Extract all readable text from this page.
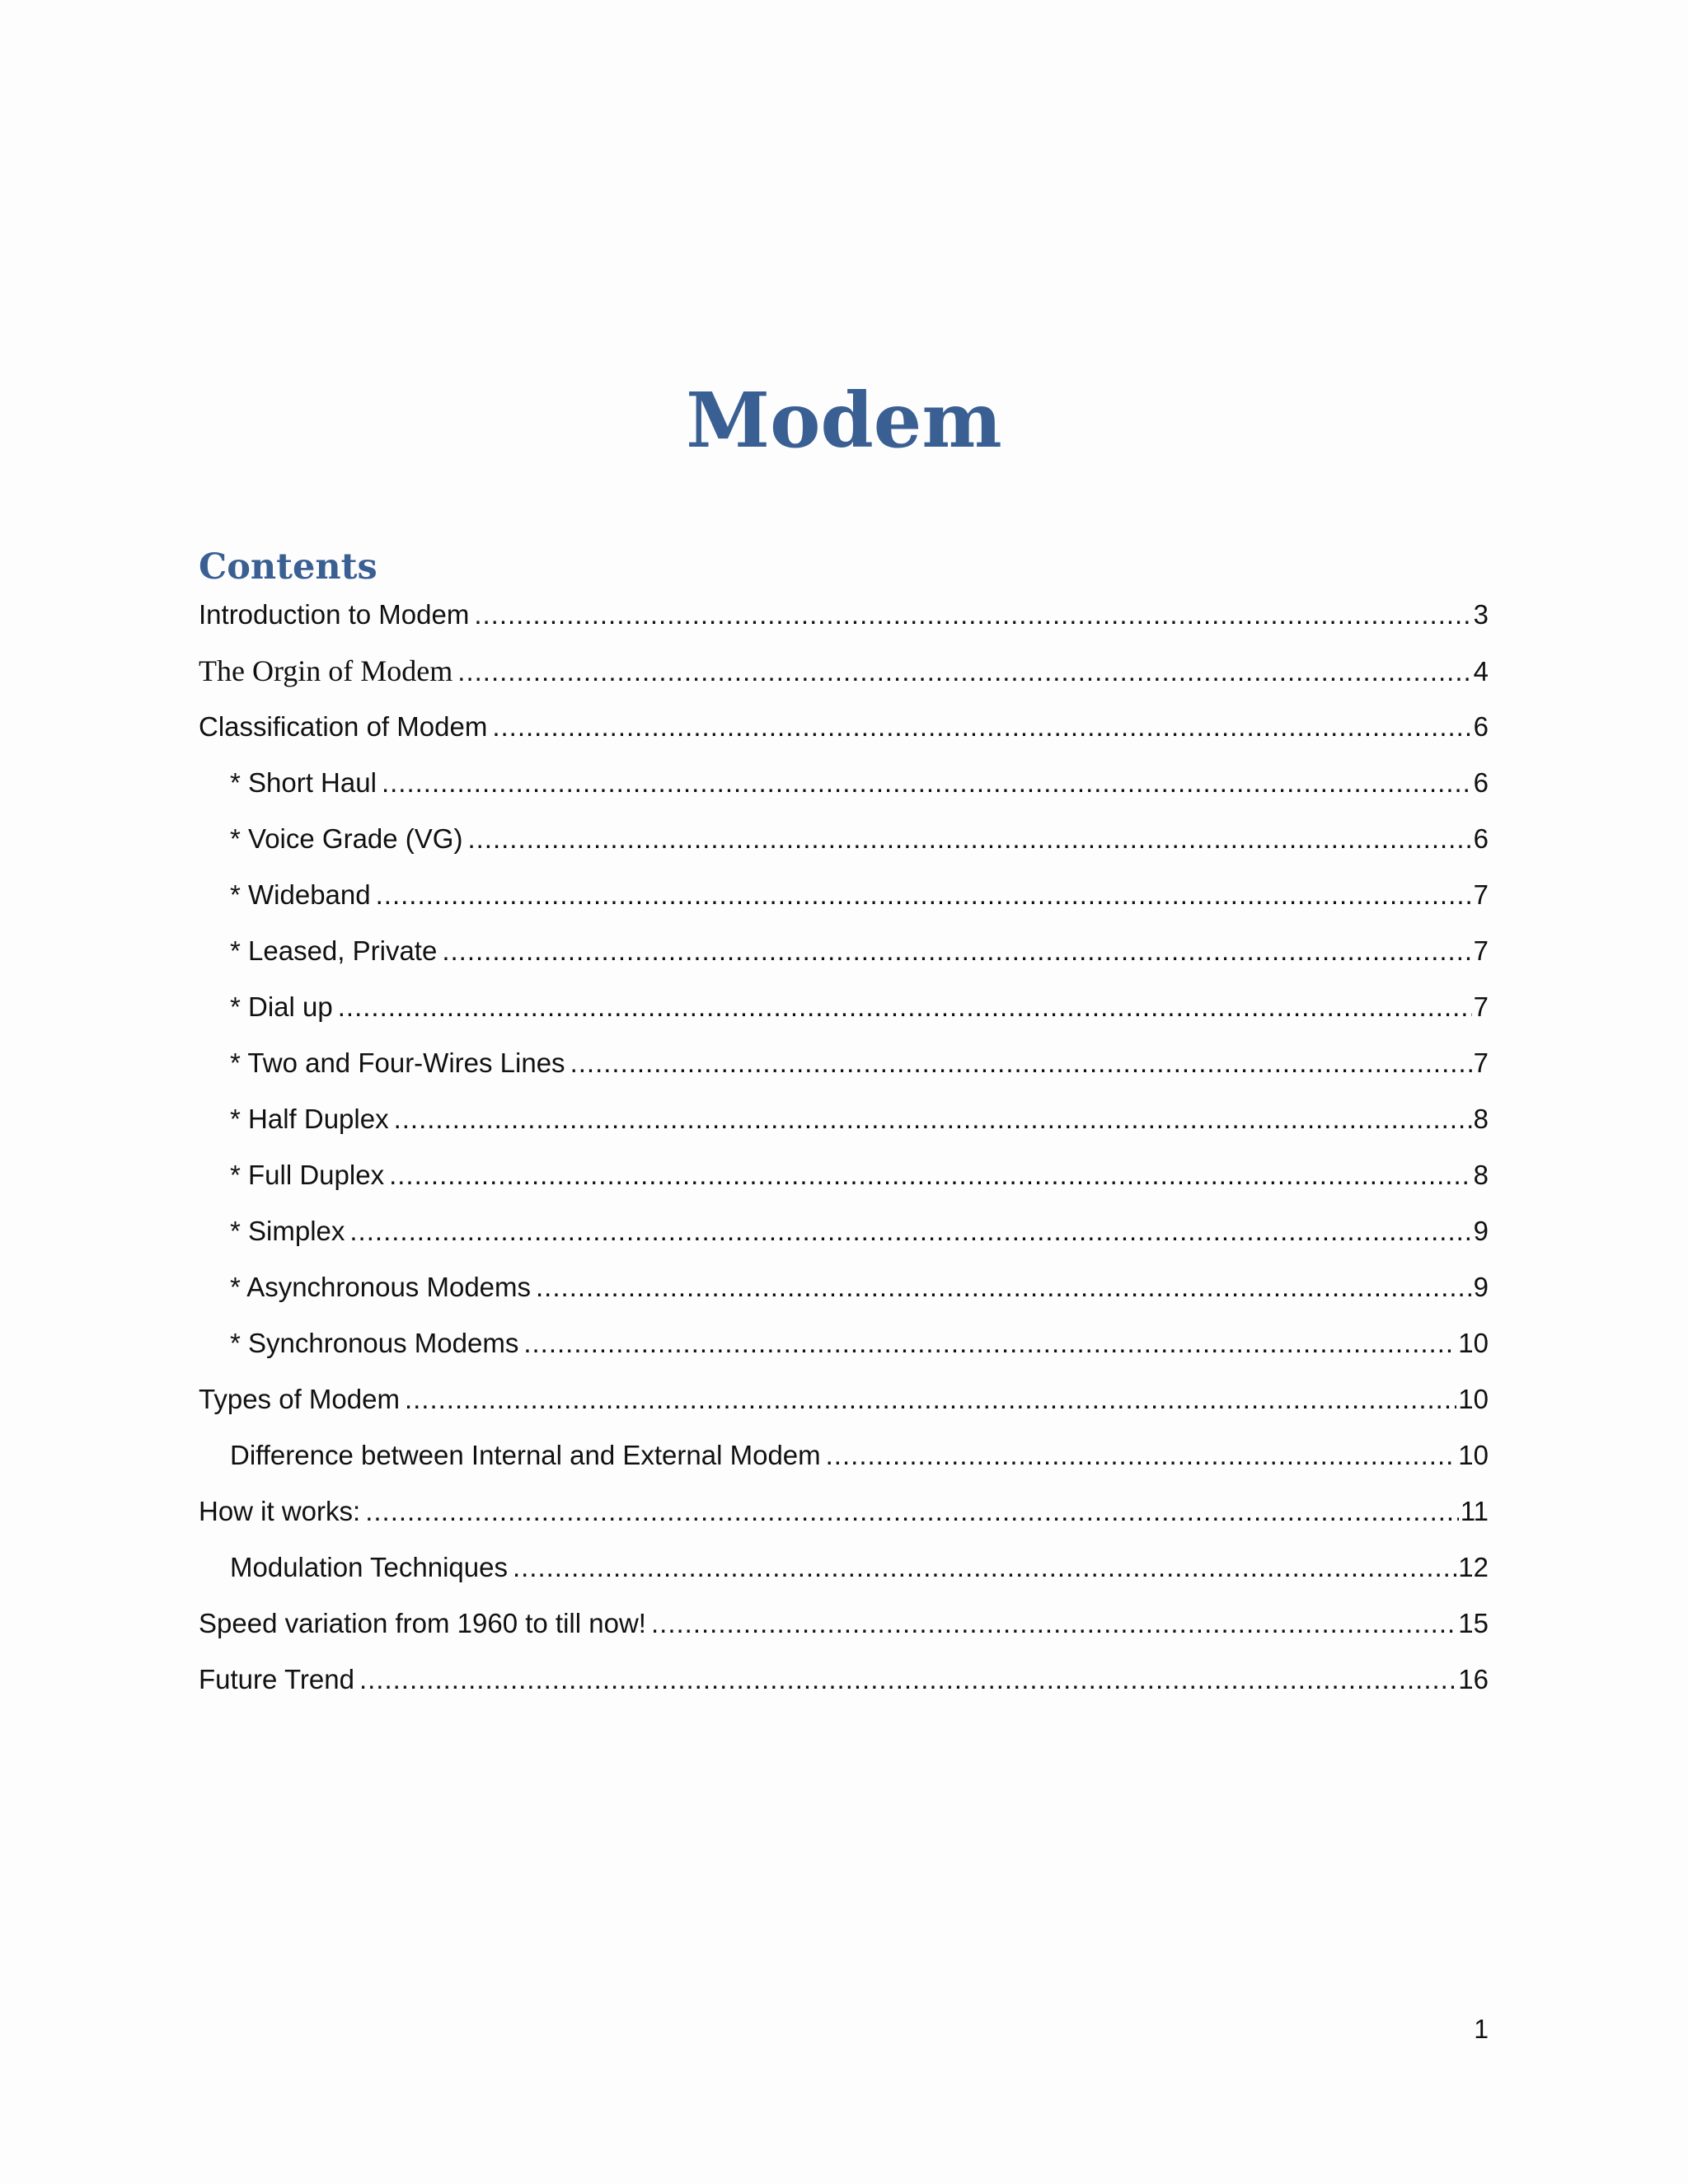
Modem
Contents
Introduction to Modem .....	3
The Orgin of Modem .....	4
Classification of Modem .....	6
* Short Haul .....	6
* Voice Grade (VG) .....	6
* Wideband .....	7
* Leased, Private .....	7
* Dial up .....	7
* Two and Four-Wires Lines .....	7
* Half Duplex .....	8
* Full Duplex .....	8
* Simplex .....	9
* Asynchronous Modems .....	9
* Synchronous Modems .....	10
Types of Modem .....	10
Difference between Internal and External Modem .....	10
How it works: .....	11
Modulation Techniques .....	12
Speed variation from 1960 to till now! .....	15
Future Trend .....	16
1
